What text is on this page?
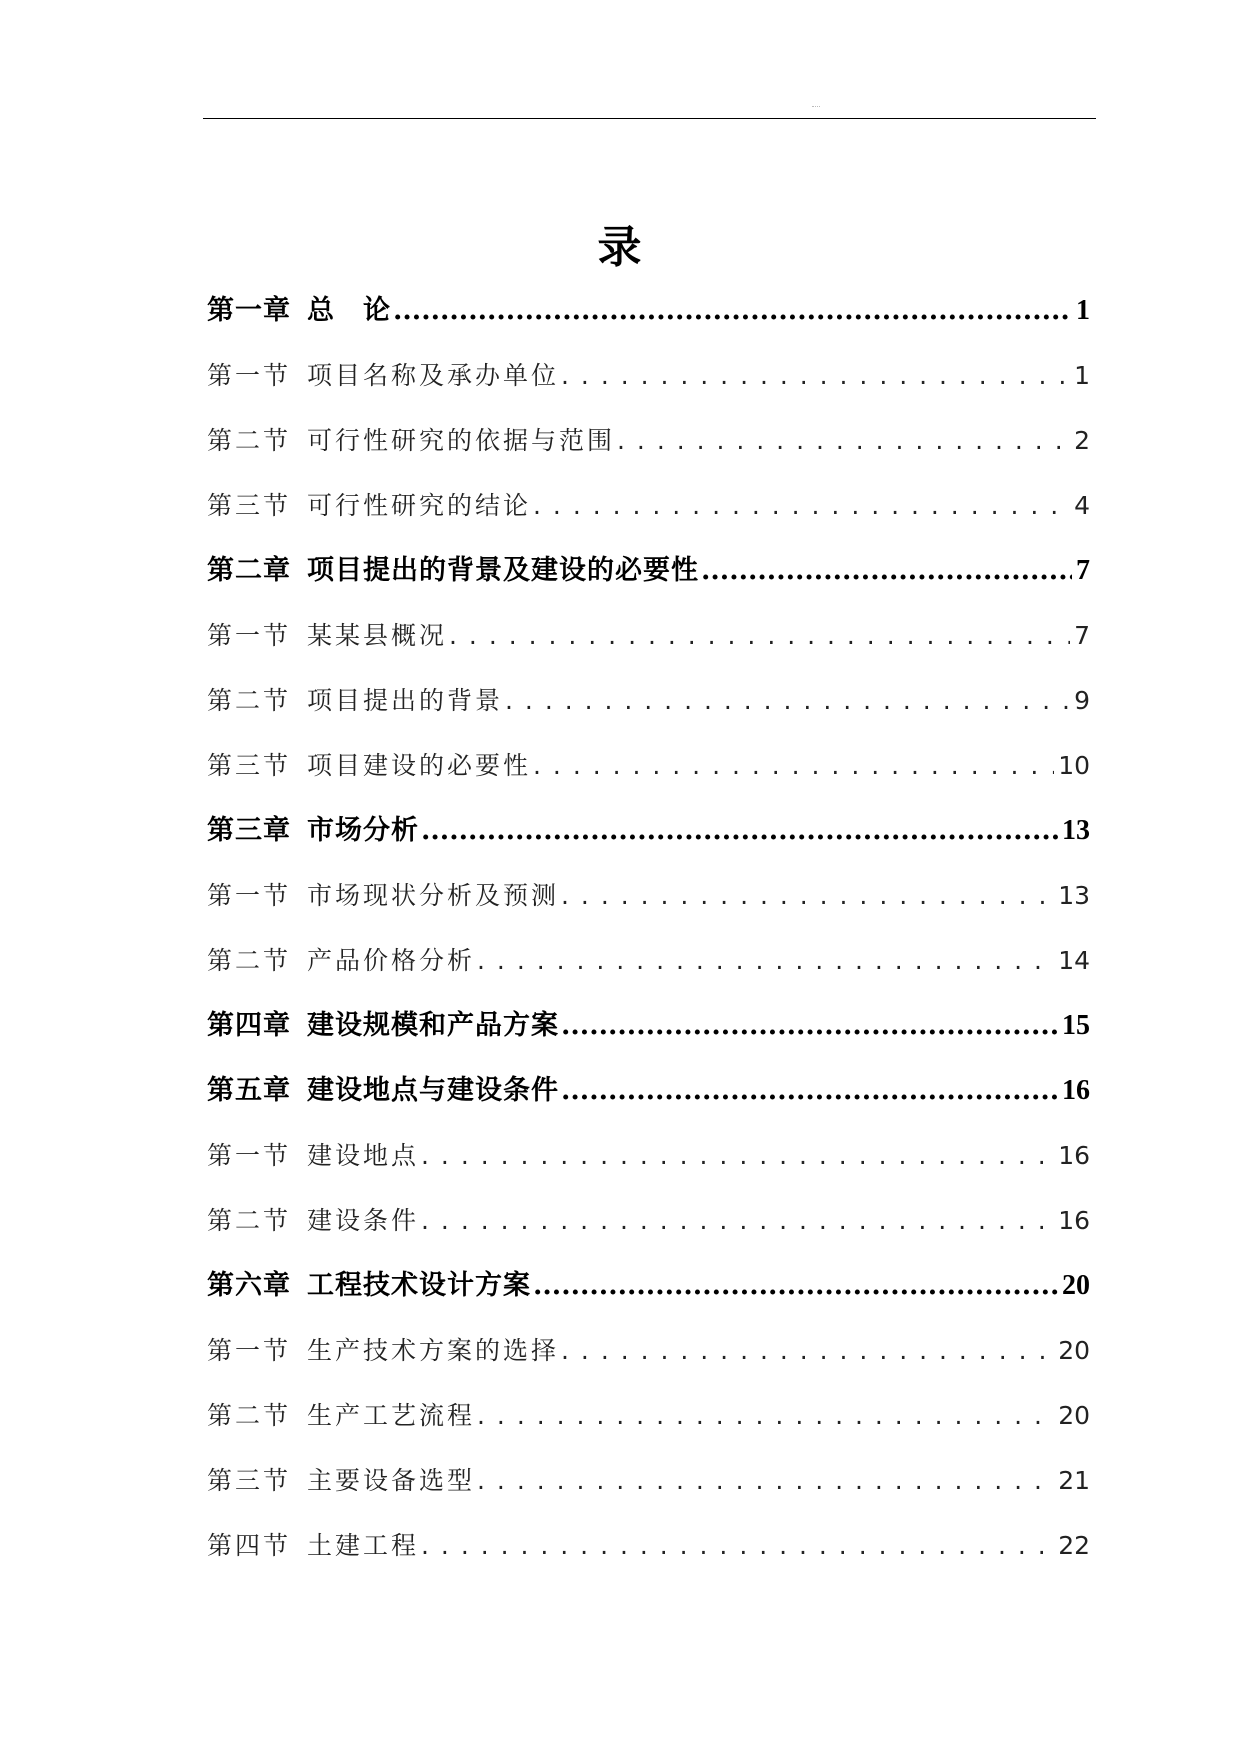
录
第一章 总　论 .....	1
第一节 项目名称及承办单位 . . .	1
第二节 可行性研究的依据与范围 . . .	2
第三节 可行性研究的结论 . . .	4
第二章 项目提出的背景及建设的必要性 .....	7
第一节 某某县概况 . . .	7
第二节 项目提出的背景 . . .	9
第三节 项目建设的必要性 . . .	10
第三章 市场分析 .....	13
第一节 市场现状分析及预测 . . .	13
第二节 产品价格分析 . . .	14
第四章 建设规模和产品方案 .....	15
第五章 建设地点与建设条件 .....	16
第一节 建设地点 . . .	16
第二节 建设条件 . . .	16
第六章 工程技术设计方案 .....	20
第一节 生产技术方案的选择 . . .	20
第二节 生产工艺流程 . . .	20
第三节 主要设备选型 . . .	21
第四节 土建工程 . . .	22
